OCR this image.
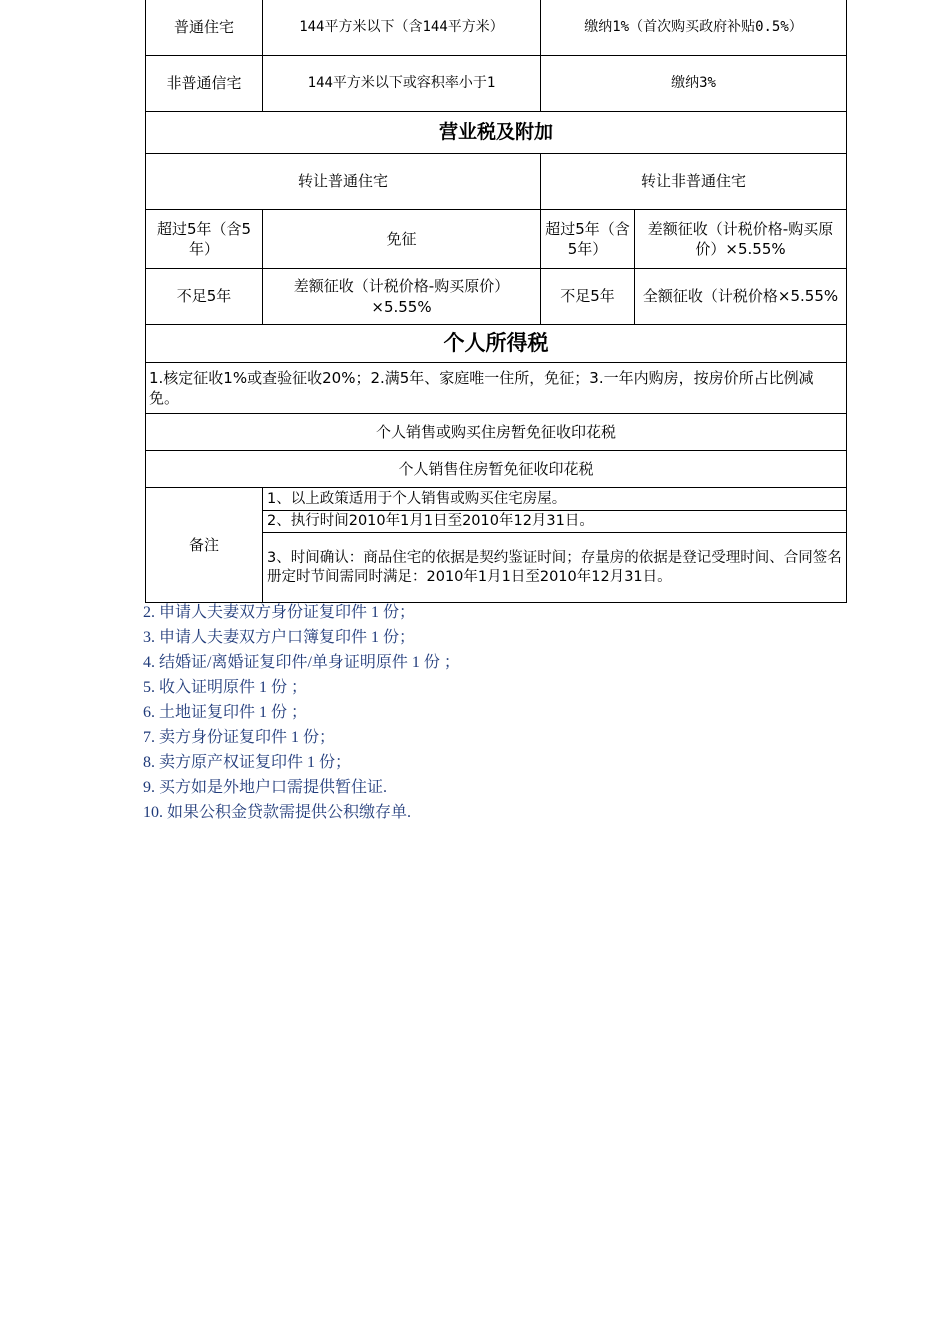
普通住宅	144平方米以下（含144平方米）	缴纳1%（首次购买政府补贴0.5%）	
非普通信宅	144平方米以下或容积率小于1	缴纳3%	
营业税及附加			
转让普通住宅		转让非普通住宅	
超过5年（含5年）	免征	超过5年（含5年）	差额征收（计税价格-购买原价）×5.55%
不足5年	差额征收（计税价格-购买原价）×5.55%	不足5年	全额征收（计税价格×5.55%
个人所得税			
1.核定征收1%或查验征收20%；2.满5年、家庭唯一住所，免征；3.一年内购房，按房价所占比例减免。			
个人销售或购买住房暂免征收印花税			
个人销售住房暂免征收印花税			
备注	1、以上政策适用于个人销售或购买住宅房屋。		
	2、执行时间2010年1月1日至2010年12月31日。		
	3、时间确认：商品住宅的依据是契约鉴证时间；存量房的依据是登记受理时间、合同签名册定时节间需同时满足：2010年1月1日至2010年12月31日。		
2. 申请人夫妻双方身份证复印件 1 份；
3. 申请人夫妻双方户口簿复印件 1 份；
4. 结婚证/离婚证复印件/单身证明原件 1 份 ；
5. 收入证明原件 1 份 ；
6. 土地证复印件 1 份 ；
7. 卖方身份证复印件 1 份；
8. 卖方原产权证复印件 1 份；
9. 买方如是外地户口需提供暂住证.
10. 如果公积金贷款需提供公积缴存单.
